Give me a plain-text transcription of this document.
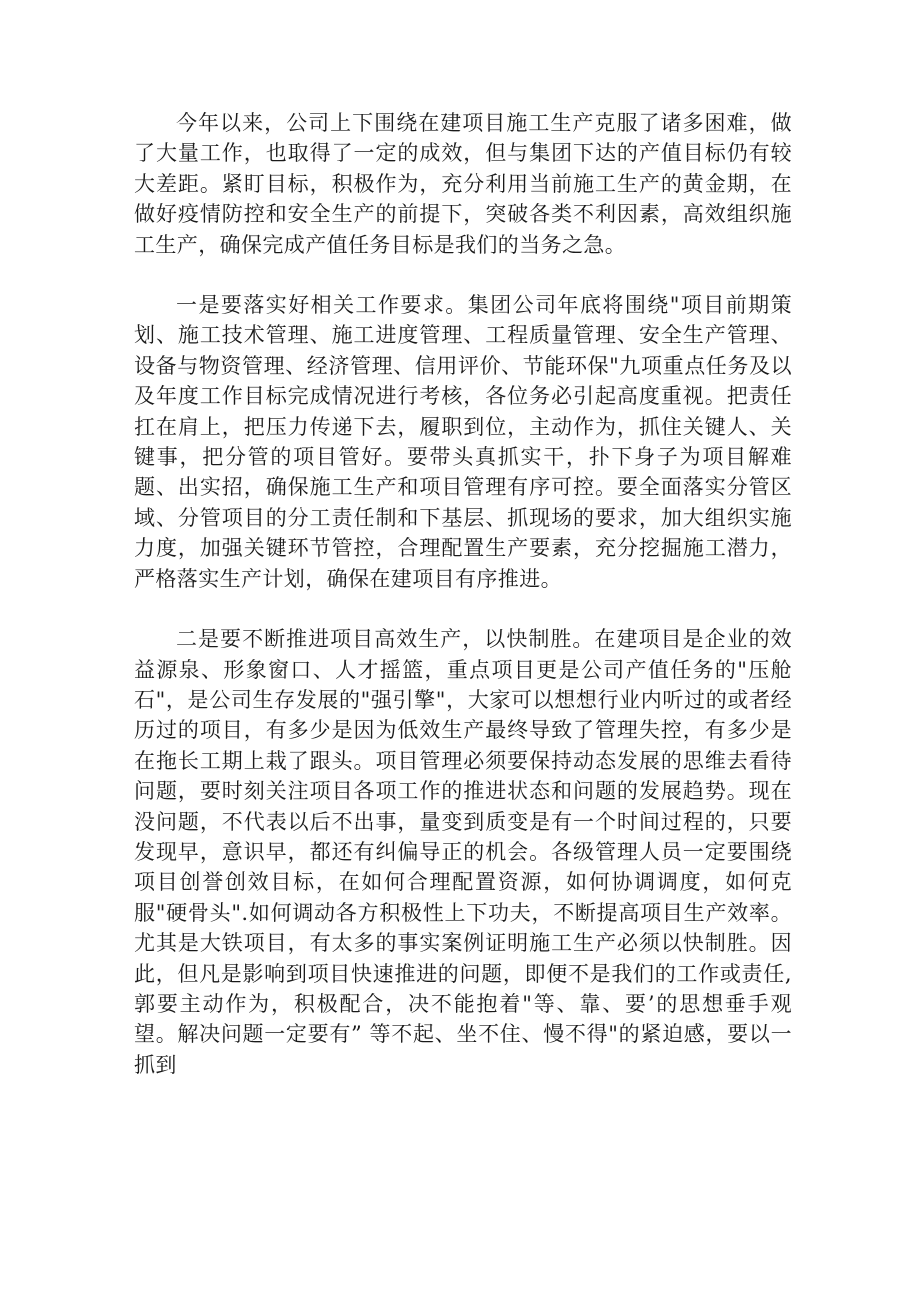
今年以来，公司上下围绕在建项目施工生产克服了诸多困难，做了大量工作，也取得了一定的成效，但与集团下达的产值目标仍有较大差距。紧盯目标，积极作为，充分利用当前施工生产的黄金期，在做好疫情防控和安全生产的前提下，突破各类不利因素，高效组织施工生产，确保完成产值任务目标是我们的当务之急。

一是要落实好相关工作要求。集团公司年底将围绕"项目前期策划、施工技术管理、施工进度管理、工程质量管理、安全生产管理、设备与物资管理、经济管理、信用评价、节能环保"九项重点任务及以及年度工作目标完成情况进行考核，各位务必引起高度重视。把责任扛在肩上，把压力传递下去，履职到位，主动作为，抓住关键人、关键事，把分管的项目管好。要带头真抓实干，扑下身子为项目解难题、出实招，确保施工生产和项目管理有序可控。要全面落实分管区域、分管项目的分工责任制和下基层、抓现场的要求，加大组织实施力度，加强关键环节管控，合理配置生产要素，充分挖掘施工潜力，严格落实生产计划，确保在建项目有序推进。

二是要不断推进项目高效生产，以快制胜。在建项目是企业的效益源泉、形象窗口、人才摇篮，重点项目更是公司产值任务的"压舱石"，是公司生存发展的"强引擎"，大家可以想想行业内听过的或者经历过的项目，有多少是因为低效生产最终导致了管理失控，有多少是在拖长工期上栽了跟头。项目管理必须要保持动态发展的思维去看待问题，要时刻关注项目各项工作的推进状态和问题的发展趋势。现在没问题，不代表以后不出事，量变到质变是有一个时间过程的，只要发现早，意识早，都还有纠偏导正的机会。各级管理人员一定要围绕项目创誉创效目标，在如何合理配置资源，如何协调调度，如何克服"硬骨头".如何调动各方积极性上下功夫，不断提高项目生产效率。尤其是大铁项目，有太多的事实案例证明施工生产必须以快制胜。因此，但凡是影响到项目快速推进的问题，即便不是我们的工作或责任,郭要主动作为，积极配合，决不能抱着"等、靠、要’的思想垂手观望。解决问题一定要有” 等不起、坐不住、慢不得"的紧迫感，要以一抓到
